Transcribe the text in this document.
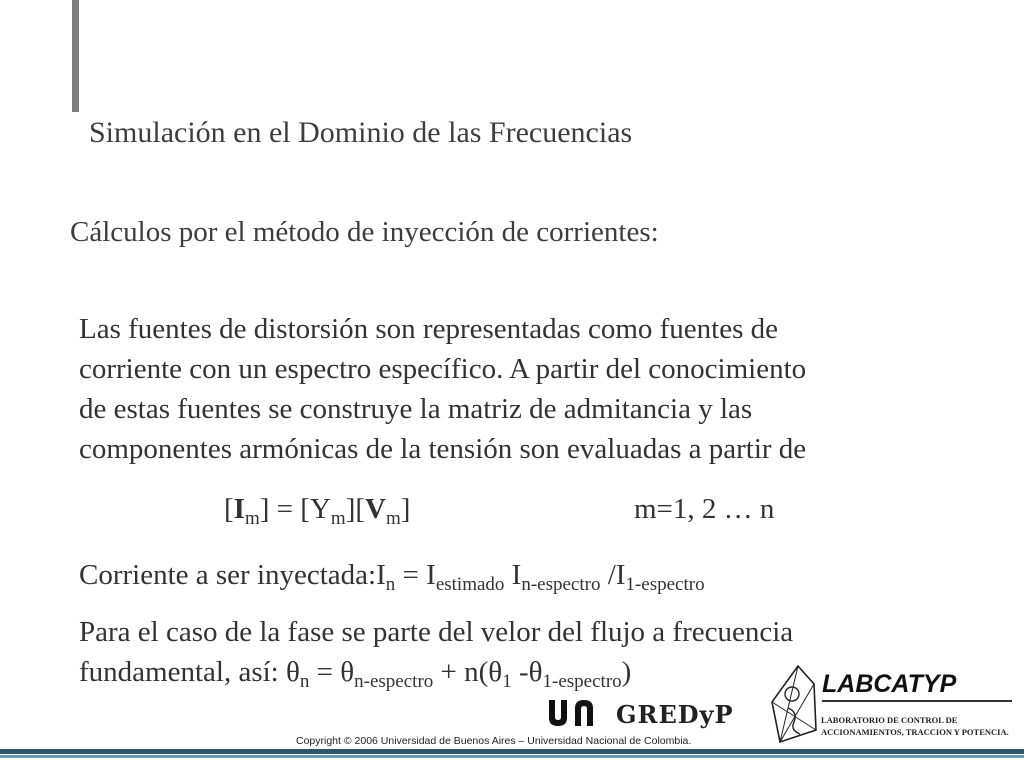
Simulación en el Dominio de las Frecuencias
Cálculos por el método de inyección de corrientes:
Las fuentes de distorsión son representadas como fuentes de
corriente con un espectro específico. A partir del conocimiento
de estas fuentes se construye la matriz de admitancia y las
componentes armónicas de la tensión son evaluadas a partir de
$[I_m] = [Y_m][V_m]$	m=1, 2 … n
Corriente a ser $inyectada:I_n = I_{estimado}$ $I_{n-espectro}$ $/I_{1-espectro}$
Para el caso de la fase se parte del velor del flujo a frecuencia
fundamental, así: $\theta_n = \theta_{n-espectro} + n(\theta_1$ $-\theta_{1-espectro}$)
GREDyP
LABCATYP
LABORATORIO DE CONTROL DE
ACCIONAMIENTOS, TRACCION Y POTENCIA.
Copyright © 2006 Universidad de Buenos Aires – Universidad Nacional de Colombia.
